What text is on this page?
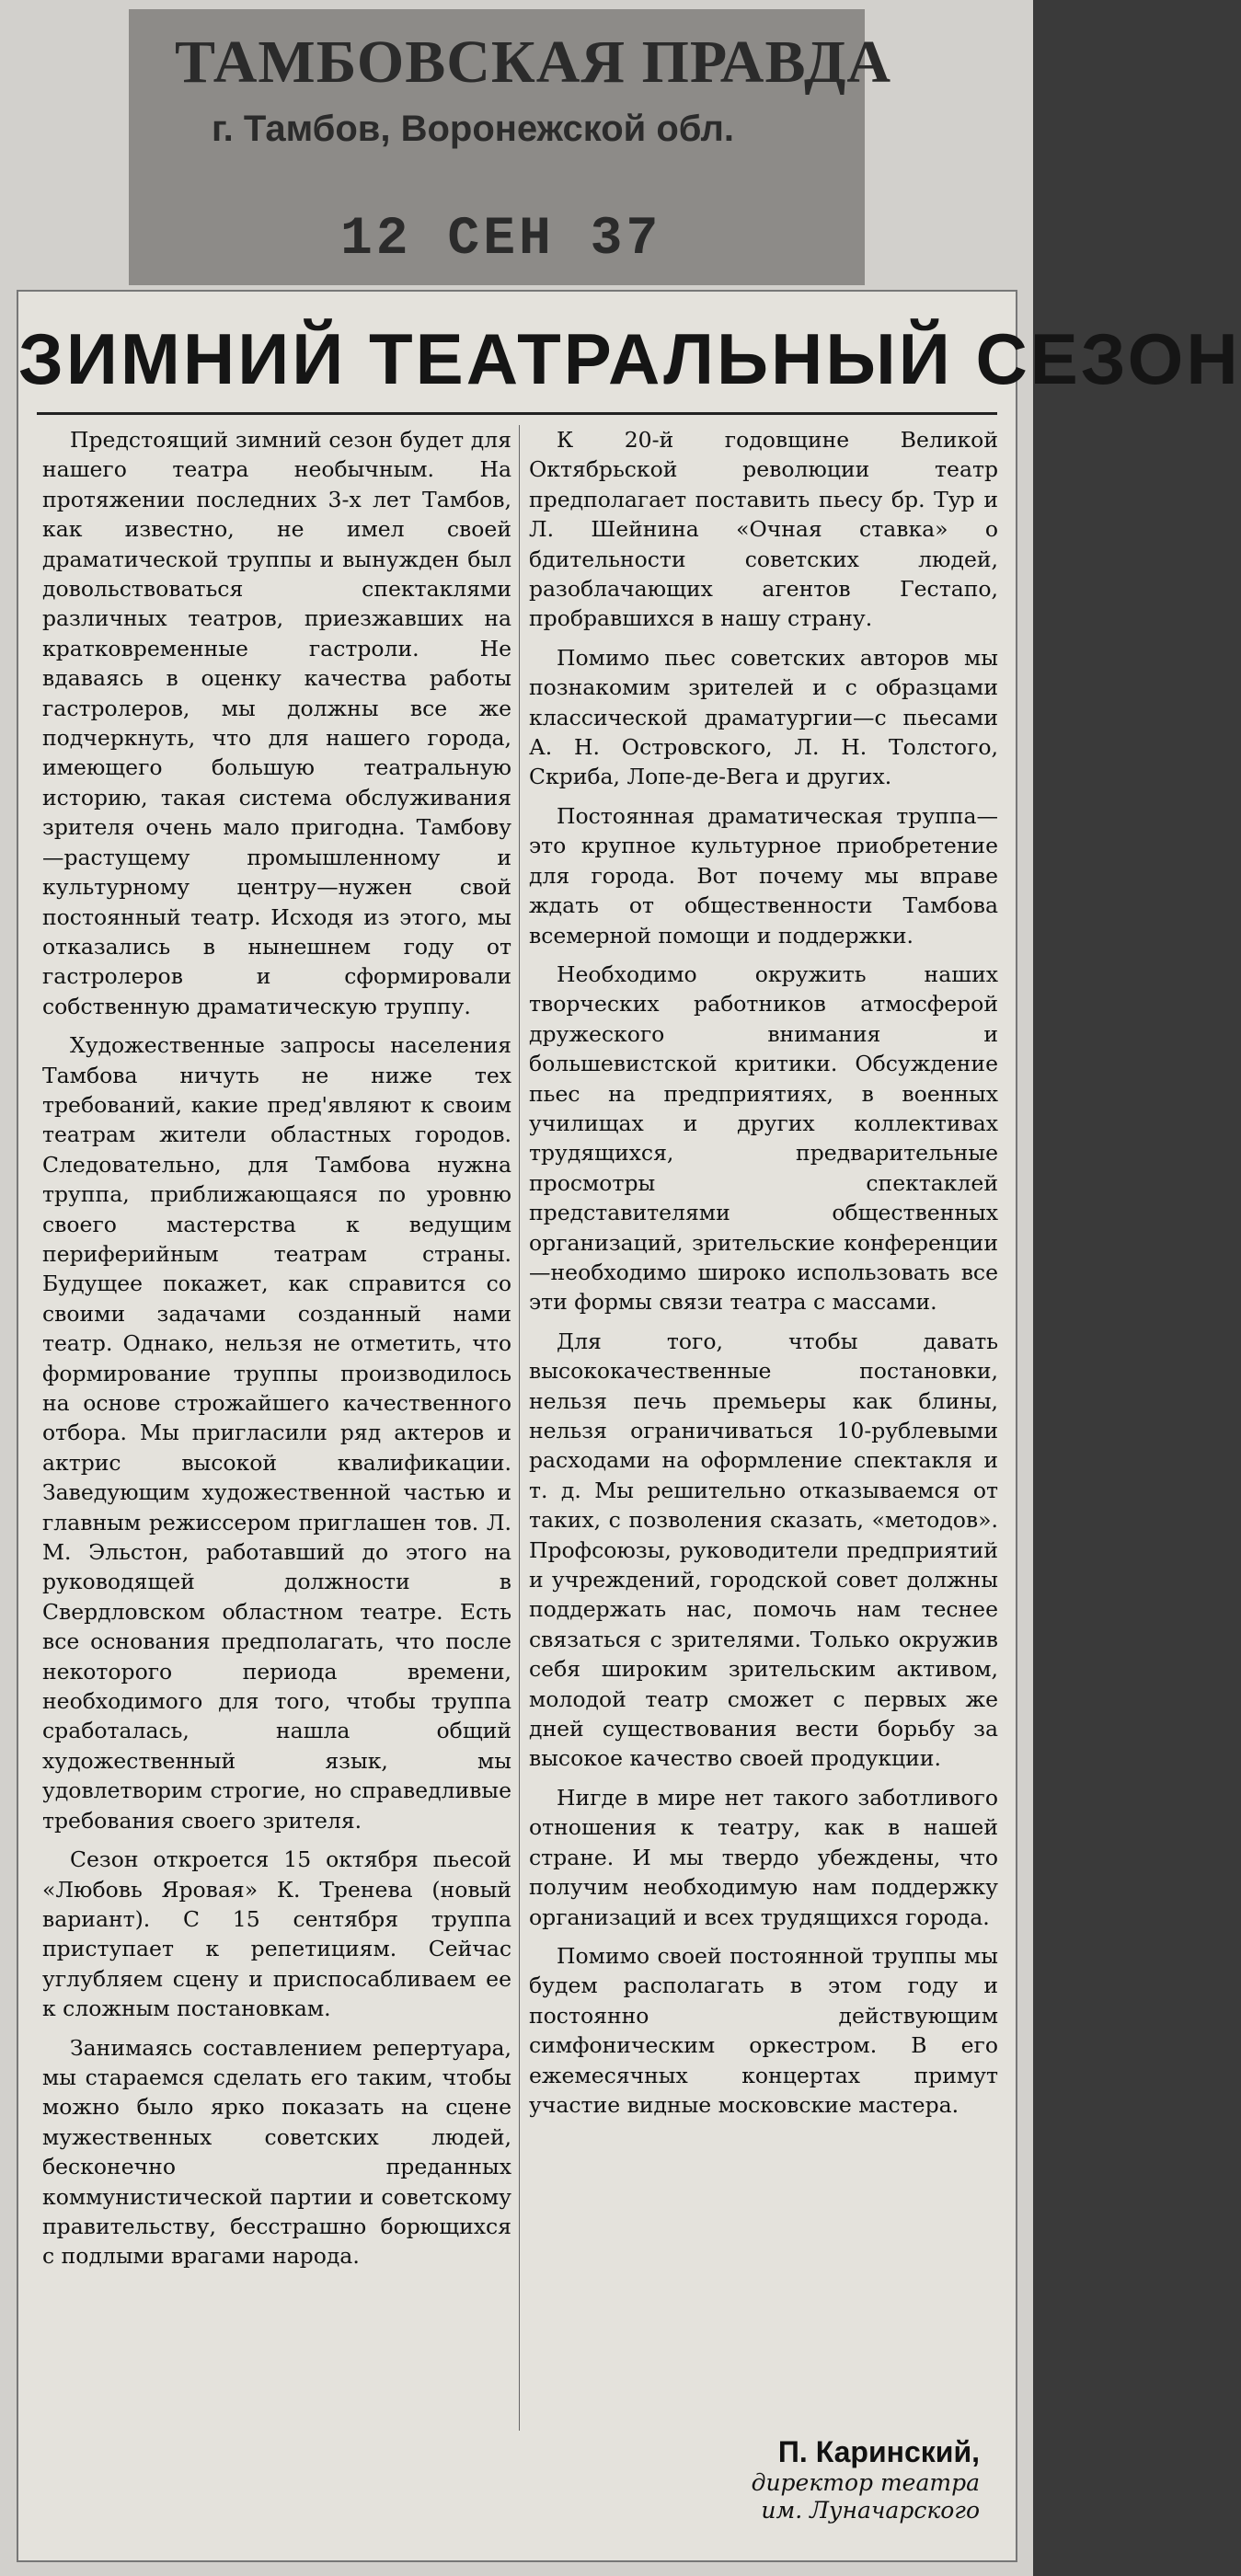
ТАМБОВСКАЯ ПРАВДА
г. Тамбов, Воронежской обл.
12 СЕН 37
ЗИМНИЙ ТЕАТРАЛЬНЫЙ СЕЗОН

Предстоящий зимний сезон будет для нашего театра необычным. На протяжении последних 3-х лет Тамбов, как известно, не имел своей драматической труппы и вынужден был довольствоваться спектаклями различных театров, приезжавших на кратковременные гастроли. Не вдаваясь в оценку качества работы гастролеров, мы должны все же подчеркнуть, что для нашего города, имеющего большую театральную историю, такая система обслуживания зрителя очень мало пригодна. Тамбову—растущему промышленному и культурному центру—нужен свой постоянный театр. Исходя из этого, мы отказались в нынешнем году от гастролеров и сформировали собственную драматическую труппу.

Художественные запросы населения Тамбова ничуть не ниже тех требований, какие пред'являют к своим театрам жители областных городов. Следовательно, для Тамбова нужна труппа, приближающаяся по уровню своего мастерства к ведущим периферийным театрам страны. Будущее покажет, как справится со своими задачами созданный нами театр. Однако, нельзя не отметить, что формирование труппы производилось на основе строжайшего качественного отбора. Мы пригласили ряд актеров и актрис высокой квалификации. Заведующим художественной частью и главным режиссером приглашен тов. Л. М. Эльстон, работавший до этого на руководящей должности в Свердловском областном театре. Есть все основания предполагать, что после некоторого периода времени, необходимого для того, чтобы труппа сработалась, нашла общий художественный язык, мы удовлетворим строгие, но справедливые требования своего зрителя.

Сезон откроется 15 октября пьесой «Любовь Яровая» К. Тренева (новый вариант). С 15 сентября труппа приступает к репетициям. Сейчас углубляем сцену и приспосабливаем ее к сложным постановкам.

Занимаясь составлением репертуара, мы стараемся сделать его таким, чтобы можно было ярко показать на сцене мужественных советских людей, бесконечно преданных коммунистической партии и советскому правительству, бесстрашно борющихся с подлыми врагами народа.

К 20-й годовщине Великой Октябрьской революции театр предполагает поставить пьесу бр. Тур и Л. Шейнина «Очная ставка» о бдительности советских людей, разоблачающих агентов Гестапо, пробравшихся в нашу страну.

Помимо пьес советских авторов мы познакомим зрителей и с образцами классической драматургии—с пьесами А. Н. Островского, Л. Н. Толстого, Скриба, Лопе-де-Вега и других.

Постоянная драматическая труппа—это крупное культурное приобретение для города. Вот почему мы вправе ждать от общественности Тамбова всемерной помощи и поддержки.

Необходимо окружить наших творческих работников атмосферой дружеского внимания и большевистской критики. Обсуждение пьес на предприятиях, в военных училищах и других коллективах трудящихся, предварительные просмотры спектаклей представителями общественных организаций, зрительские конференции—необходимо широко использовать все эти формы связи театра с массами.

Для того, чтобы давать высококачественные постановки, нельзя печь премьеры как блины, нельзя ограничиваться 10-рублевыми расходами на оформление спектакля и т. д. Мы решительно отказываемся от таких, с позволения сказать, «методов». Профсоюзы, руководители предприятий и учреждений, городской совет должны поддержать нас, помочь нам теснее связаться с зрителями. Только окружив себя широким зрительским активом, молодой театр сможет с первых же дней существования вести борьбу за высокое качество своей продукции.

Нигде в мире нет такого заботливого отношения к театру, как в нашей стране. И мы твердо убеждены, что получим необходимую нам поддержку организаций и всех трудящихся города.

Помимо своей постоянной труппы мы будем располагать в этом году и постоянно действующим симфоническим оркестром. В его ежемесячных концертах примут участие видные московские мастера.

П. Каринский,
директор театра
им. Луначарского
